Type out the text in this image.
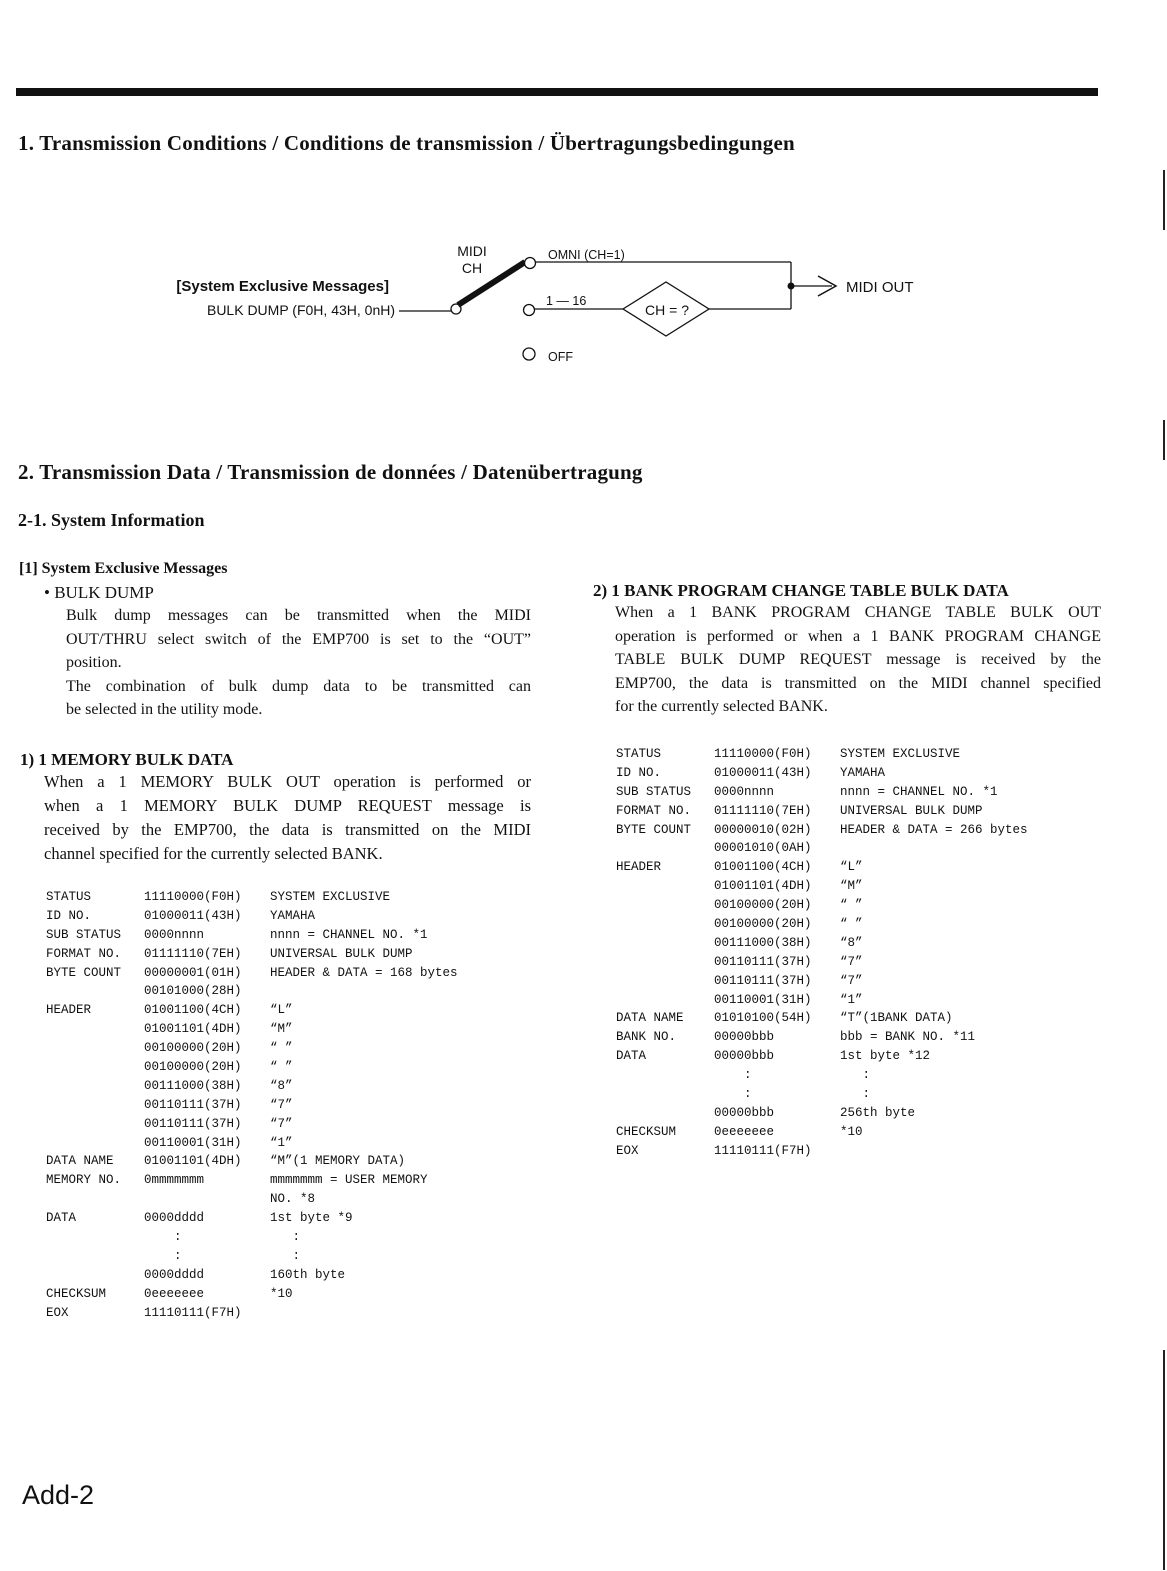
1. Transmission Conditions / Conditions de transmission / Übertragungsbedingungen
[System Exclusive Messages]
BULK DUMP (F0H, 43H, 0nH)
MIDI
CH
OMNI (CH=1)
1 — 16
CH = ?
MIDI OUT
OFF
2. Transmission Data / Transmission de données / Datenübertragung
2-1. System Information
[1] System Exclusive Messages
• BULK DUMP
Bulk dump messages can be transmitted when the MIDI
OUT/THRU select switch of the EMP700 is set to the “OUT”
position.
The combination of bulk dump data to be transmitted can
be selected in the utility mode.
1) 1 MEMORY BULK DATA
When a 1 MEMORY BULK OUT operation is performed or
when a 1 MEMORY BULK DUMP REQUEST message is
received by the EMP700, the data is transmitted on the MIDI
channel specified for the currently selected BANK.
STATUS	11110000(F0H) SYSTEM EXCLUSIVE
ID NO.	01000011(43H) YAMAHA
SUB STATUS 0000nnnn	nnnn = CHANNEL NO. *1
FORMAT NO. 01111110(7EH) UNIVERSAL BULK DUMP
BYTE COUNT 00000001(01H) HEADER & DATA = 168 bytes
00101000(28H)
HEADER	01001100(4CH) “L”
01001101(4DH) “M”
00100000(20H) “ ”
00100000(20H) “ ”
00111000(38H) “8”
00110111(37H) “7”
00110111(37H) “7”
00110001(31H) “1”
DATA NAME 01001101(4DH) “M”(1 MEMORY DATA)
MEMORY NO. 0mmmmmmm	mmmmmmm = USER MEMORY
NO. *8
DATA	0000dddd	1st byte *9
:	:
:	:
0000dddd	160th byte
CHECKSUM	0eeeeeee	*10
EOX	11110111(F7H)
2) 1 BANK PROGRAM CHANGE TABLE BULK DATA
When a 1 BANK PROGRAM CHANGE TABLE BULK OUT
operation is performed or when a 1 BANK PROGRAM CHANGE
TABLE BULK DUMP REQUEST message is received by the
EMP700, the data is transmitted on the MIDI channel specified
for the currently selected BANK.
STATUS	11110000(F0H) SYSTEM EXCLUSIVE
ID NO.	01000011(43H) YAMAHA
SUB STATUS 0000nnnn	nnnn = CHANNEL NO. *1
FORMAT NO. 01111110(7EH) UNIVERSAL BULK DUMP
BYTE COUNT 00000010(02H) HEADER & DATA = 266 bytes
00001010(0AH)
HEADER	01001100(4CH) “L”
01001101(4DH) “M”
00100000(20H) “ ”
00100000(20H) “ ”
00111000(38H) “8”
00110111(37H) “7”
00110111(37H) “7”
00110001(31H) “1”
DATA NAME 01010100(54H) “T”(1BANK DATA)
BANK NO.	00000bbb	bbb = BANK NO. *11
DATA	00000bbb	1st byte *12
:	:
:	:
00000bbb	256th byte
CHECKSUM	0eeeeeee	*10
EOX	11110111(F7H)
Add-2
